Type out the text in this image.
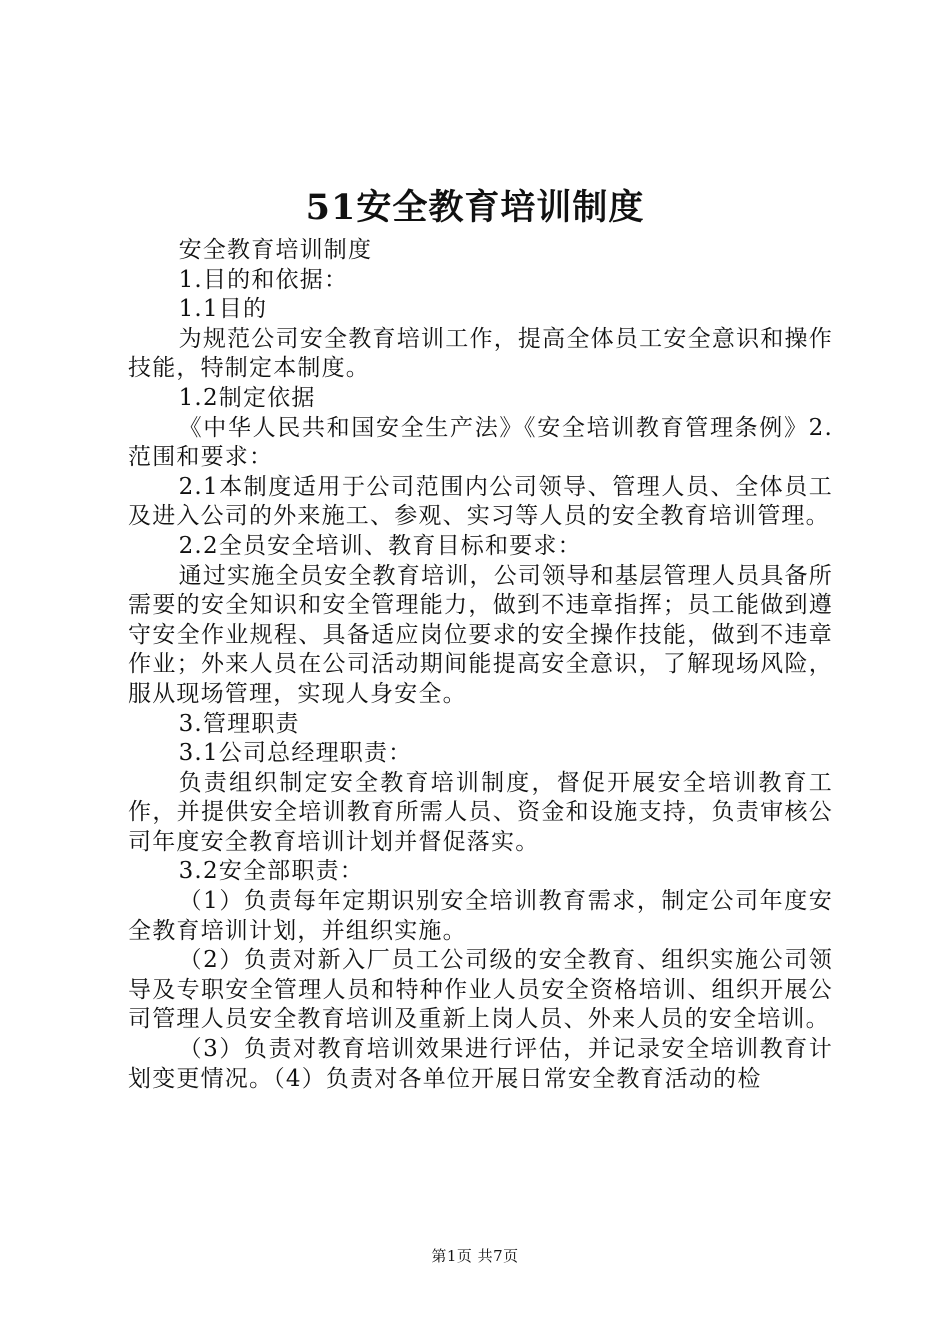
51安全教育培训制度

安全教育培训制度

1.目的和依据：

1.1目的

为规范公司安全教育培训工作，提高全体员工安全意识和操作技能，特制定本制度。

1.2制定依据

《中华人民共和国安全生产法》《安全培训教育管理条例》2.范围和要求：

2.1本制度适用于公司范围内公司领导、管理人员、全体员工及进入公司的外来施工、参观、实习等人员的安全教育培训管理。

2.2全员安全培训、教育目标和要求：

通过实施全员安全教育培训，公司领导和基层管理人员具备所需要的安全知识和安全管理能力，做到不违章指挥；员工能做到遵守安全作业规程、具备适应岗位要求的安全操作技能，做到不违章作业；外来人员在公司活动期间能提高安全意识，了解现场风险，服从现场管理，实现人身安全。

3.管理职责

3.1公司总经理职责：

负责组织制定安全教育培训制度，督促开展安全培训教育工作，并提供安全培训教育所需人员、资金和设施支持，负责审核公司年度安全教育培训计划并督促落实。

3.2安全部职责：

（1）负责每年定期识别安全培训教育需求，制定公司年度安全教育培训计划，并组织实施。

（2）负责对新入厂员工公司级的安全教育、组织实施公司领导及专职安全管理人员和特种作业人员安全资格培训、组织开展公司管理人员安全教育培训及重新上岗人员、外来人员的安全培训。

（3）负责对教育培训效果进行评估，并记录安全培训教育计划变更情况。（4）负责对各单位开展日常安全教育活动的检

第1页 共7页
